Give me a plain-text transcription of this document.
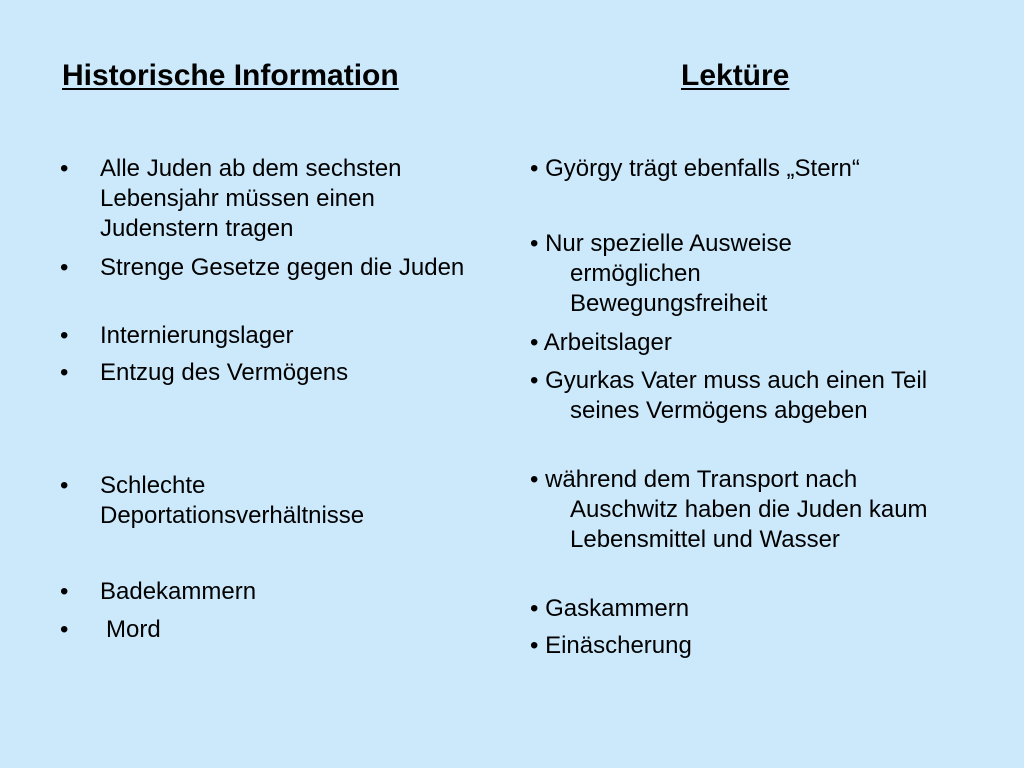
Historische Information	Lektüre
• Alle Juden ab dem sechsten Lebensjahr müssen einen Judenstern tragen
• Strenge Gesetze gegen die Juden
• Internierungslager
• Entzug des Vermögens
• Schlechte Deportationsverhältnisse
• Badekammern
• Mord
• György trägt ebenfalls „Stern“
• Nur spezielle Ausweise ermöglichen Bewegungsfreiheit
• Arbeitslager
• Gyurkas Vater muss auch einen Teil seines Vermögens abgeben
• während dem Transport nach Auschwitz haben die Juden kaum Lebensmittel und Wasser
• Gaskammern
• Einäscherung
